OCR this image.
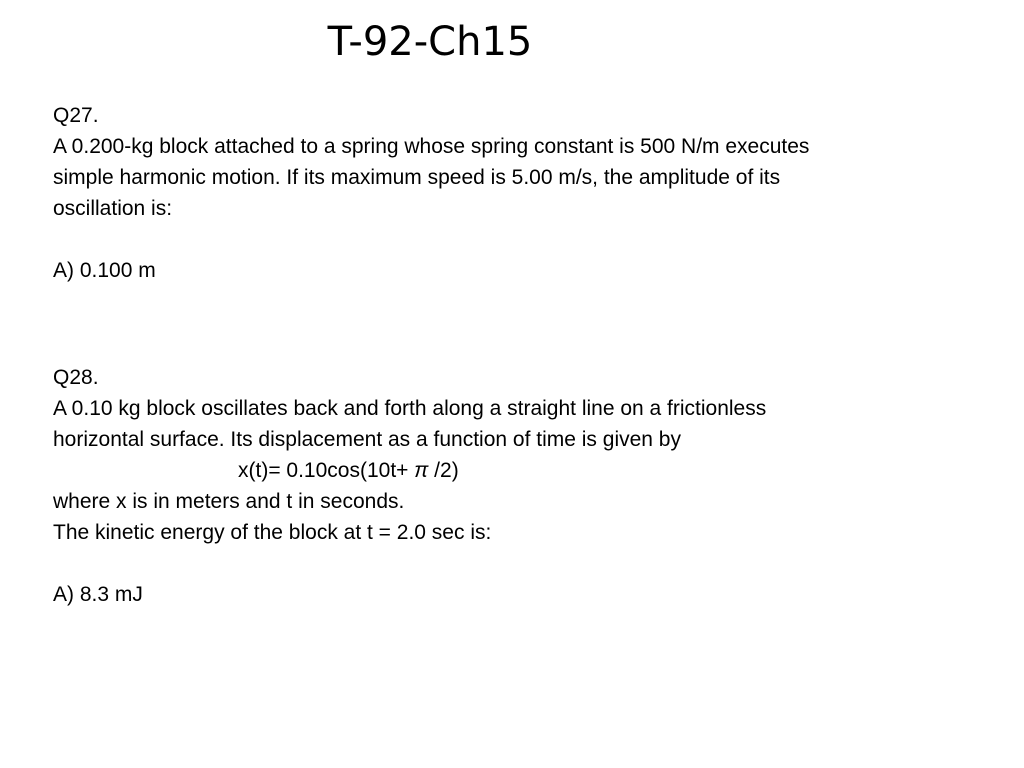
T-92-Ch15
Q27.
A 0.200-kg block attached to a spring whose spring constant is 500 N/m executes
simple harmonic motion. If its maximum speed is 5.00 m/s, the amplitude of its
oscillation is:
A) 0.100 m
Q28.
A 0.10 kg block oscillates back and forth along a straight line on a frictionless
horizontal surface. Its displacement as a function of time is given by
x(t)= 0.10cos(10t+ π /2)
where x is in meters and t in seconds.
The kinetic energy of the block at t = 2.0 sec is:
A) 8.3 mJ
